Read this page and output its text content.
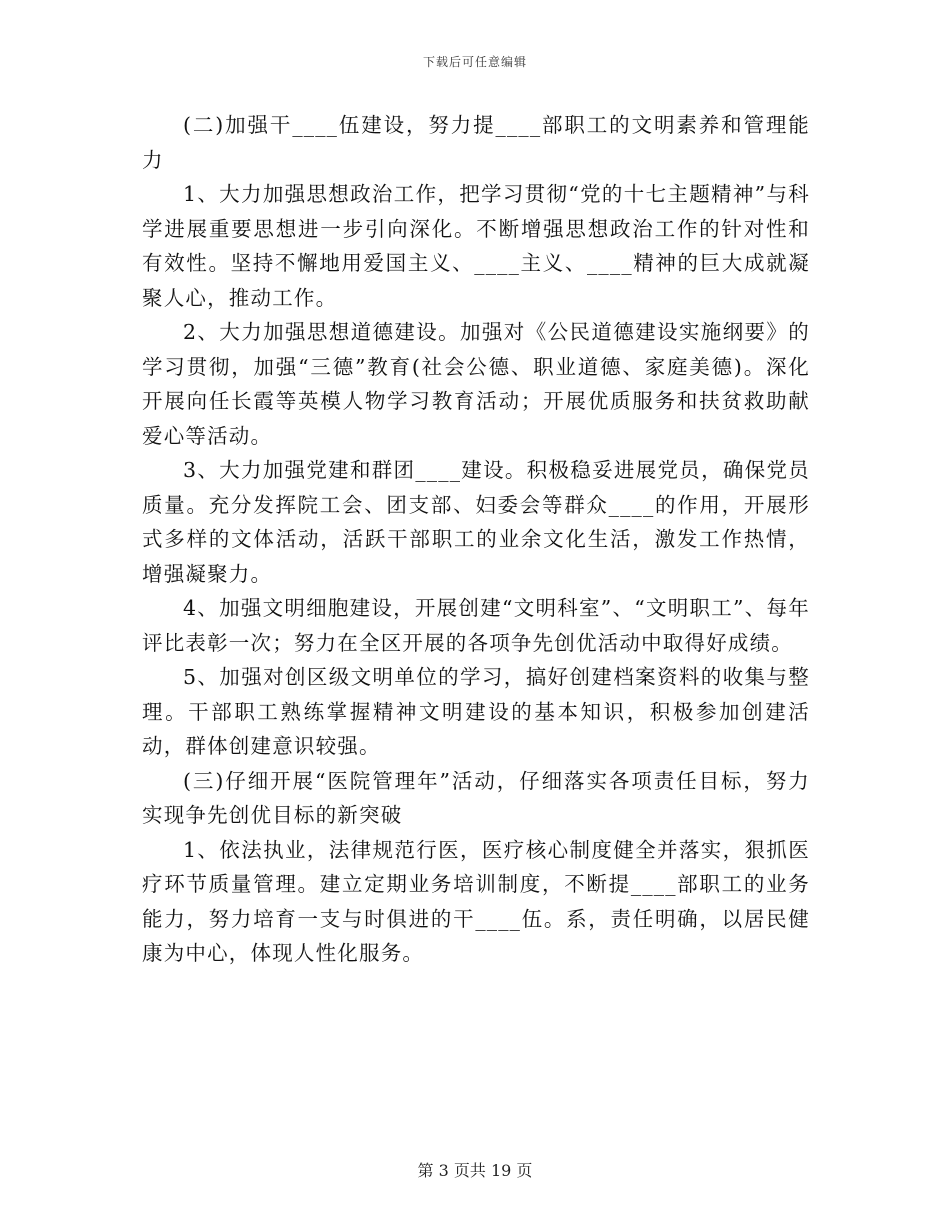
下载后可任意编辑

(二)加强干____伍建设，努力提____部职工的文明素养和管理能力

1、大力加强思想政治工作，把学习贯彻“党的十七主题精神”与科学进展重要思想进一步引向深化。不断增强思想政治工作的针对性和有效性。坚持不懈地用爱国主义、____主义、____精神的巨大成就凝聚人心，推动工作。

2、大力加强思想道德建设。加强对《公民道德建设实施纲要》的学习贯彻，加强“三德”教育(社会公德、职业道德、家庭美德)。深化开展向任长霞等英模人物学习教育活动；开展优质服务和扶贫救助献爱心等活动。

3、大力加强党建和群团____建设。积极稳妥进展党员，确保党员质量。充分发挥院工会、团支部、妇委会等群众____的作用，开展形式多样的文体活动，活跃干部职工的业余文化生活，激发工作热情，增强凝聚力。

4、加强文明细胞建设，开展创建“文明科室”、“文明职工”、每年评比表彰一次；努力在全区开展的各项争先创优活动中取得好成绩。

5、加强对创区级文明单位的学习，搞好创建档案资料的收集与整理。干部职工熟练掌握精神文明建设的基本知识，积极参加创建活动，群体创建意识较强。

(三)仔细开展“医院管理年”活动，仔细落实各项责任目标，努力实现争先创优目标的新突破

1、依法执业，法律规范行医，医疗核心制度健全并落实，狠抓医疗环节质量管理。建立定期业务培训制度，不断提____部职工的业务能力，努力培育一支与时俱进的干____伍。系，责任明确，以居民健康为中心，体现人性化服务。

第 3 页共 19 页
